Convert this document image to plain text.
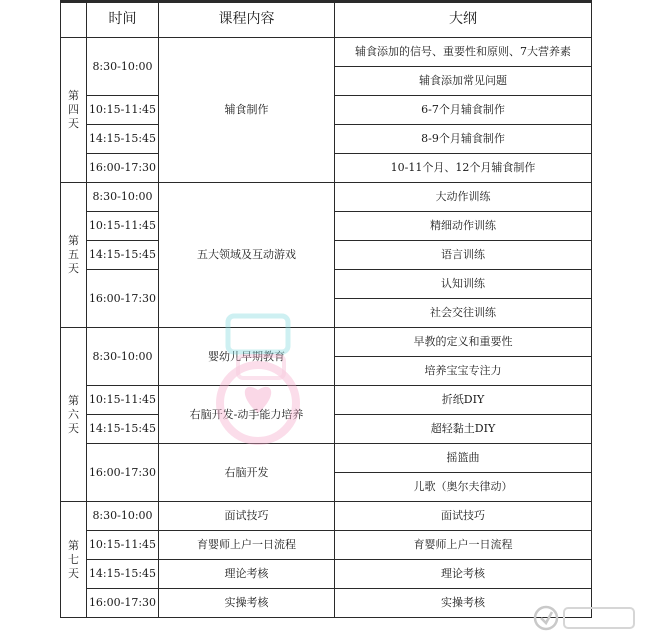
	时间	课程内容	大纲

第
四
天	8:30-10:00	辅食制作	辅食添加的信号、重要性和原则、7大营养素
			辅食添加常见问题
	10:15-11:45		6-7个月辅食制作
	14:15-15:45		8-9个月辅食制作
	16:00-17:30		10-11个月、12个月辅食制作

第
五
天	8:30-10:00	五大领域及互动游戏	大动作训练
	10:15-11:45		精细动作训练
	14:15-15:45		语言训练
	16:00-17:30		认知训练
			社会交往训练

第
六
天	8:30-10:00	婴幼儿早期教育	早教的定义和重要性
			培养宝宝专注力
	10:15-11:45	右脑开发-动手能力培养	折纸DIY
	14:15-15:45		超轻黏土DIY
	16:00-17:30	右脑开发	摇篮曲
			儿歌（奥尔夫律动）

第
七
天	8:30-10:00	面试技巧	面试技巧
	10:15-11:45	育婴师上户一日流程	育婴师上户一日流程
	14:15-15:45	理论考核	理论考核
	16:00-17:30	实操考核	实操考核
